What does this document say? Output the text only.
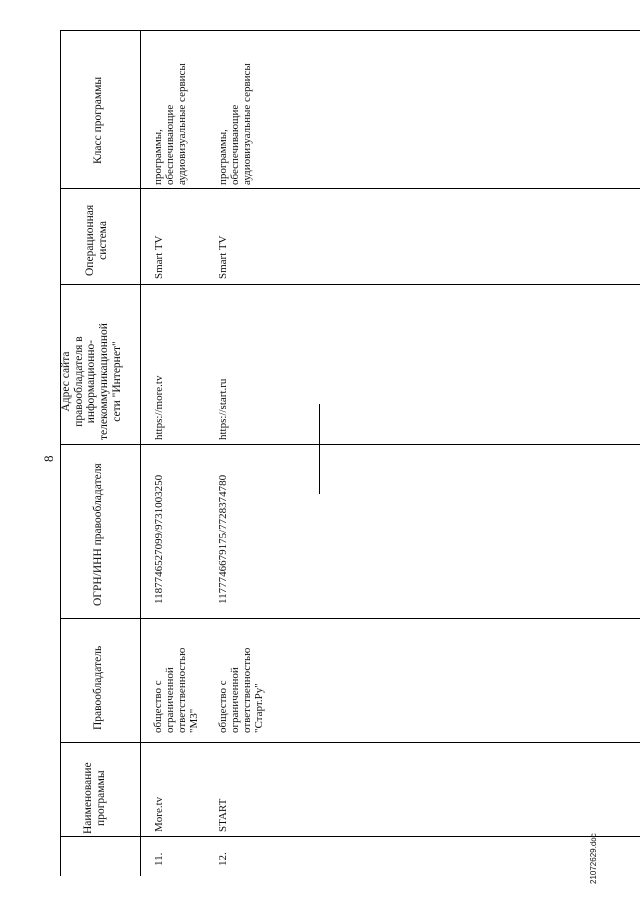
8
Наименование
программы
Правообладатель
ОГРН/ИНН правообладателя
Адрес сайта
правообладателя в
информационно-
телекоммуникационной
сети "Интернет"
Операционная
система
Класс программы
11.
More.tv
общество с
ограниченной
ответственностью
"М3"
1187746527099/9731003250
https://more.tv
Smart TV
программы,
обеспечивающие
аудиовизуальные сервисы
12.
START
общество с
ограниченной
ответственностью
"Старт.Ру"
1177746679175/7728374780
https://start.ru
Smart TV
программы,
обеспечивающие
аудиовизуальные сервисы
21072629.doc
